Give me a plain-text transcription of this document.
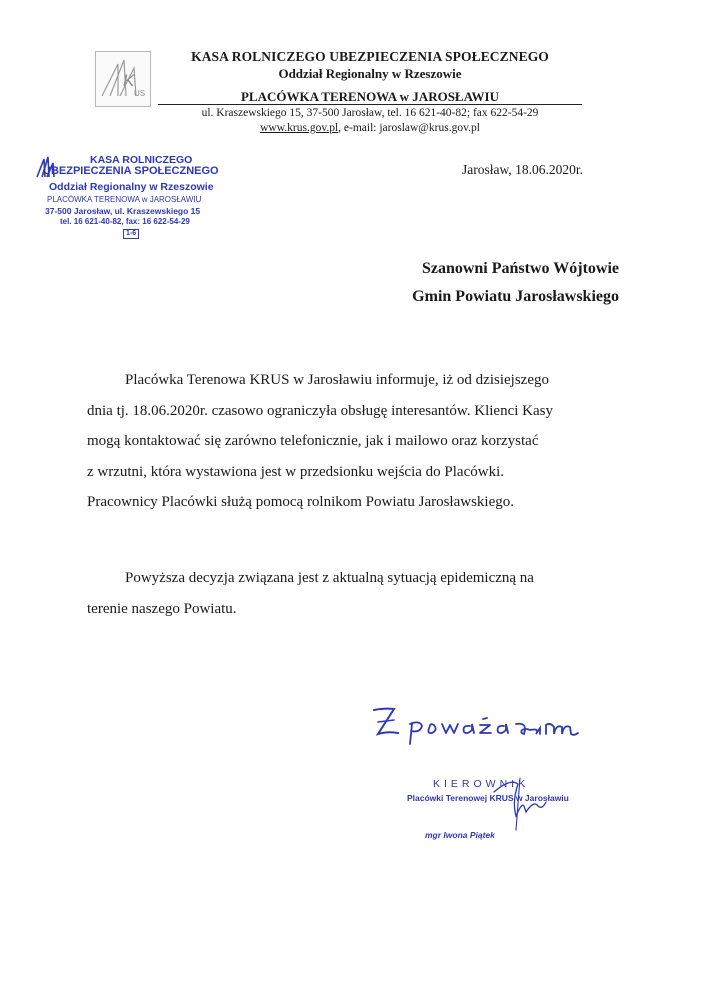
K
US
KASA ROLNICZEGO UBEZPIECZENIA SPOŁECZNEGO
Oddział Regionalny w Rzeszowie
PLACÓWKA TERENOWA w JAROSŁAWIU
ul. Kraszewskiego 15, 37-500 Jarosław, tel. 16 621-40-82; fax 622-54-29
www.krus.gov.pl, e-mail: jaroslaw@krus.gov.pl
KASA ROLNICZEGO
UBEZPIECZENIA SPOŁECZNEGO
Oddział Regionalny w Rzeszowie
PLACÓWKA TERENOWA w JAROSŁAWIU
37-500 Jarosław, ul. Kraszewskiego 15
tel. 16 621-40-82, fax: 16 622-54-29
1-6
Jarosław, 18.06.2020r.
Szanowni Państwo Wójtowie
Gmin Powiatu Jarosławskiego
Placówka Terenowa KRUS w Jarosławiu informuje, iż od dzisiejszego
dnia tj. 18.06.2020r. czasowo ograniczyła obsługę interesantów. Klienci Kasy
mogą kontaktować się zarówno telefonicznie, jak i mailowo oraz korzystać
z wrzutni, która wystawiona jest w przedsionku wejścia do Placówki.
Pracownicy Placówki służą pomocą rolnikom Powiatu Jarosławskiego.
Powyższa decyzja związana jest z aktualną sytuacją epidemiczną na
terenie naszego Powiatu.
KIEROWNIK
Placówki Terenowej KRUS w Jarosławiu
mgr Iwona Piątek
